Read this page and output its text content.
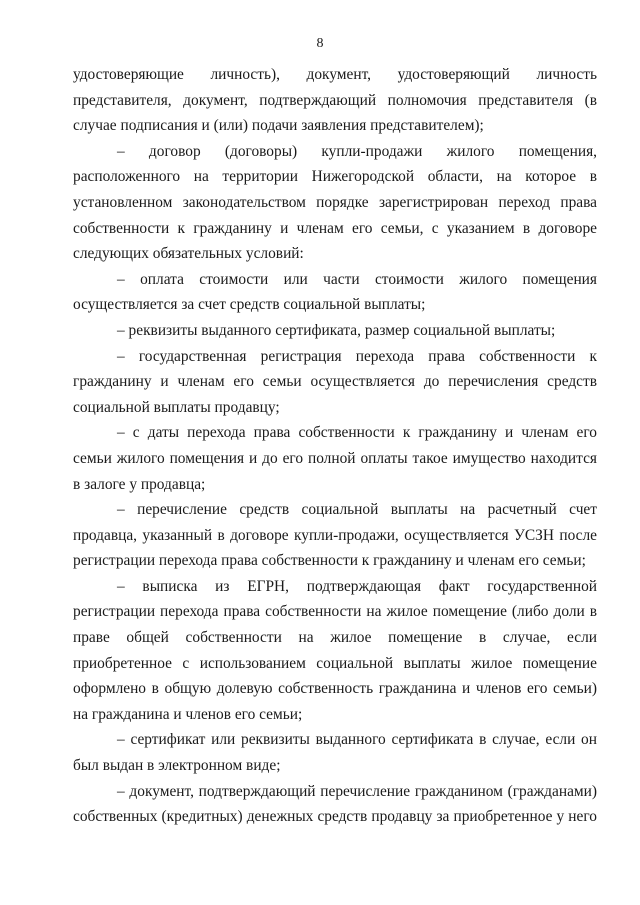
8

удостоверяющие личность), документ, удостоверяющий личность представителя, документ, подтверждающий полномочия представителя (в случае подписания и (или) подачи заявления представителем);

– договор (договоры) купли-продажи жилого помещения, расположенного на территории Нижегородской области, на которое в установленном законодательством порядке зарегистрирован переход права собственности к гражданину и членам его семьи, с указанием в договоре следующих обязательных условий:

– оплата стоимости или части стоимости жилого помещения осуществляется за счет средств социальной выплаты;

– реквизиты выданного сертификата, размер социальной выплаты;

– государственная регистрация перехода права собственности к гражданину и членам его семьи осуществляется до перечисления средств социальной выплаты продавцу;

– с даты перехода права собственности к гражданину и членам его семьи жилого помещения и до его полной оплаты такое имущество находится в залоге у продавца;

– перечисление средств социальной выплаты на расчетный счет продавца, указанный в договоре купли-продажи, осуществляется УСЗН после регистрации перехода права собственности к гражданину и членам его семьи;

– выписка из ЕГРН, подтверждающая факт государственной регистрации перехода права собственности на жилое помещение (либо доли в праве общей собственности на жилое помещение в случае, если приобретенное с использованием социальной выплаты жилое помещение оформлено в общую долевую собственность гражданина и членов его семьи) на гражданина и членов его семьи;

– сертификат или реквизиты выданного сертификата в случае, если он был выдан в электронном виде;

– документ, подтверждающий перечисление гражданином (гражданами) собственных (кредитных) денежных средств продавцу за приобретенное у него
